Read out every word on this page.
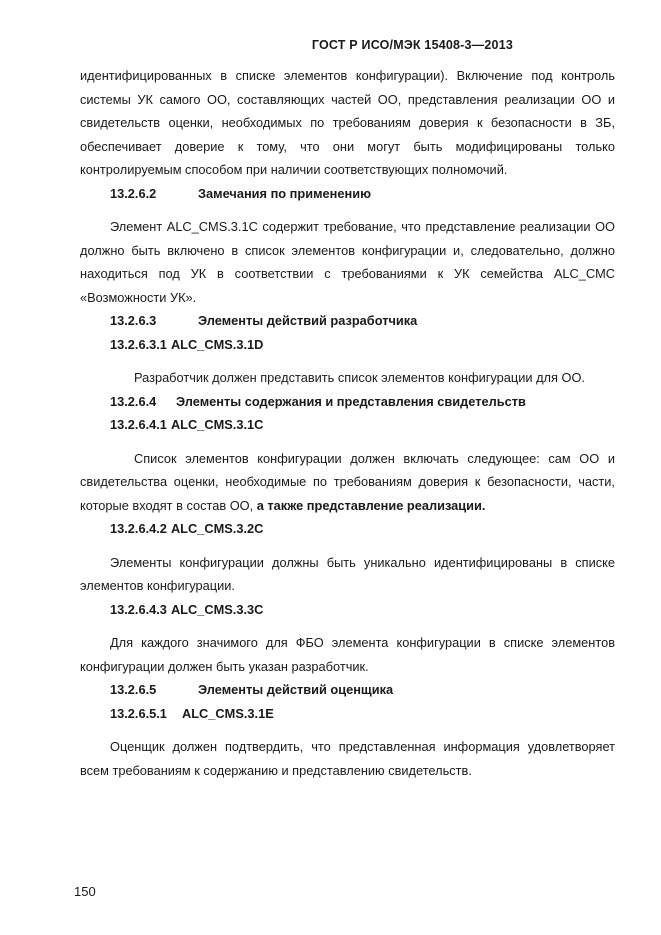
ГОСТ Р ИСО/МЭК 15408-3—2013

идентифицированных в списке элементов конфигурации). Включение под контроль системы УК самого ОО, составляющих частей ОО, представления реализации ОО и свидетельств оценки, необходимых по требованиям доверия к безопасности в ЗБ, обеспечивает доверие к тому, что они могут быть модифицированы только контролируемым способом при наличии соответствующих полномочий.

13.2.6.2	Замечания по применению

Элемент ALC_CMS.3.1C содержит требование, что представление реализации ОО должно быть включено в список элементов конфигурации и, следовательно, должно находиться под УК в соответствии с требованиями к УК семейства ALC_CMC «Возможности УК».

13.2.6.3	Элементы действий разработчика
13.2.6.3.1 ALC_CMS.3.1D

Разработчик должен представить список элементов конфигурации для ОО.

13.2.6.4	Элементы содержания и представления свидетельств
13.2.6.4.1 ALC_CMS.3.1C

Список элементов конфигурации должен включать следующее: сам ОО и свидетельства оценки, необходимые по требованиям доверия к безопасности, части, которые входят в состав ОО, а также представление реализации.

13.2.6.4.2 ALC_CMS.3.2C

Элементы конфигурации должны быть уникально идентифицированы в списке элементов конфигурации.

13.2.6.4.3 ALC_CMS.3.3C

Для каждого значимого для ФБО элемента конфигурации в списке элементов конфигурации должен быть указан разработчик.

13.2.6.5	Элементы действий оценщика
13.2.6.5.1	ALC_CMS.3.1E

Оценщик должен подтвердить, что представленная информация удовлетворяет всем требованиям к содержанию и представлению свидетельств.

150
